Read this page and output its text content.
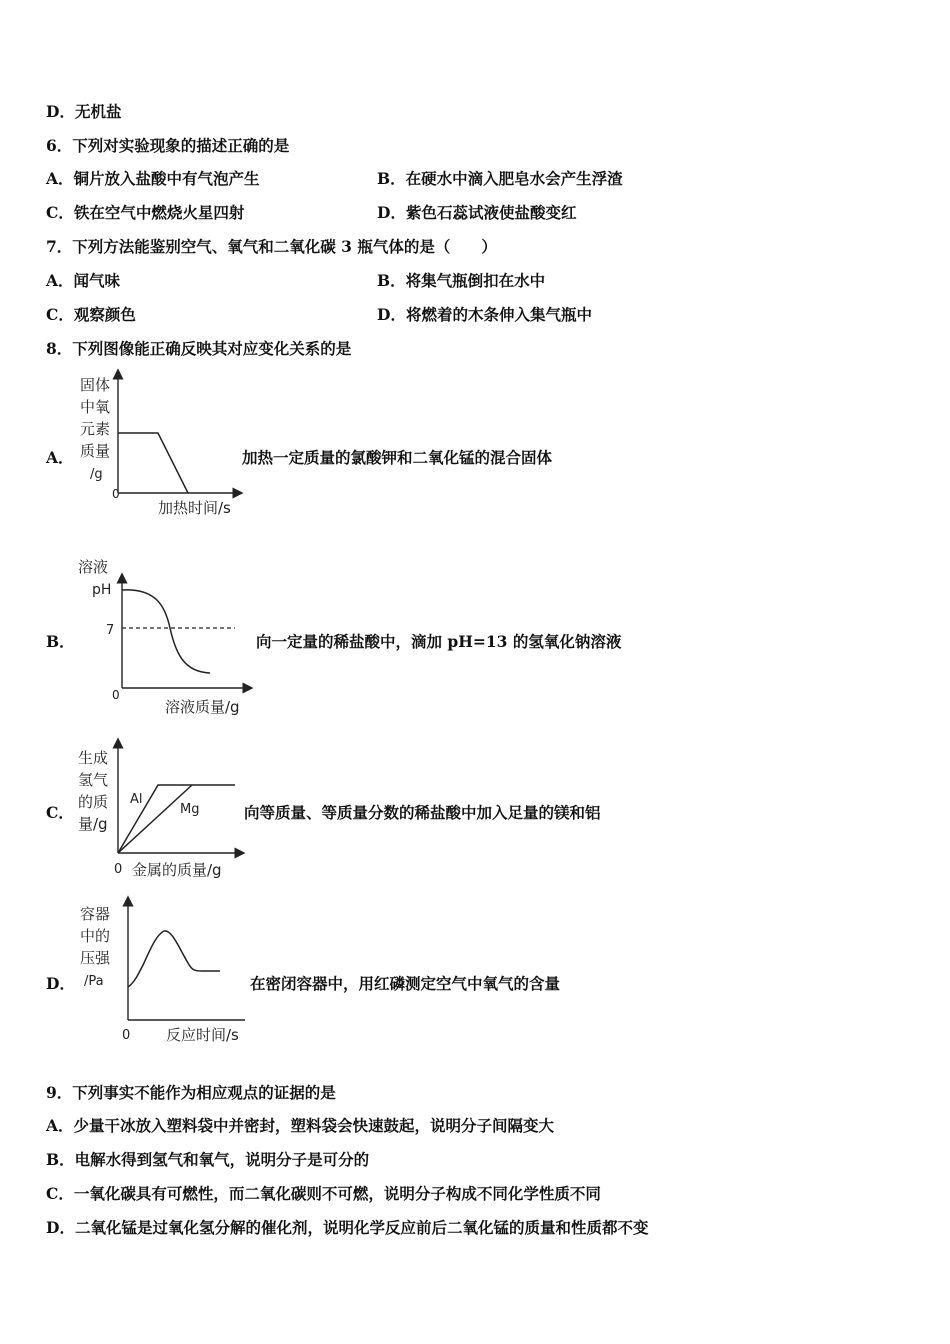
D．无机盐
6．下列对实验现象的描述正确的是
A．铜片放入盐酸中有气泡产生	B．在硬水中滴入肥皂水会产生浮渣
C．铁在空气中燃烧火星四射	D．紫色石蕊试液使盐酸变红
7．下列方法能鉴别空气、氧气和二氧化碳 3 瓶气体的是（　　）
A．闻气味	B．将集气瓶倒扣在水中
C．观察颜色	D．将燃着的木条伸入集气瓶中
8．下列图像能正确反映其对应变化关系的是
A．
固体
中氧
元素
质量
/g
0
加热时间/s
加热一定质量的氯酸钾和二氧化锰的混合固体
B．
溶液
pH
7
0
溶液质量/g
向一定量的稀盐酸中，滴加 pH=13 的氢氧化钠溶液
C．
生成
氢气
的质
量/g
Al
Mg
0 金属的质量/g
向等质量、等质量分数的稀盐酸中加入足量的镁和铝
D．
容器
中的
压强
/Pa
0 反应时间/s
在密闭容器中，用红磷测定空气中氧气的含量
9．下列事实不能作为相应观点的证据的是
A．少量干冰放入塑料袋中并密封，塑料袋会快速鼓起，说明分子间隔变大
B．电解水得到氢气和氧气，说明分子是可分的
C．一氧化碳具有可燃性，而二氧化碳则不可燃，说明分子构成不同化学性质不同
D．二氧化锰是过氧化氢分解的催化剂，说明化学反应前后二氧化锰的质量和性质都不变
